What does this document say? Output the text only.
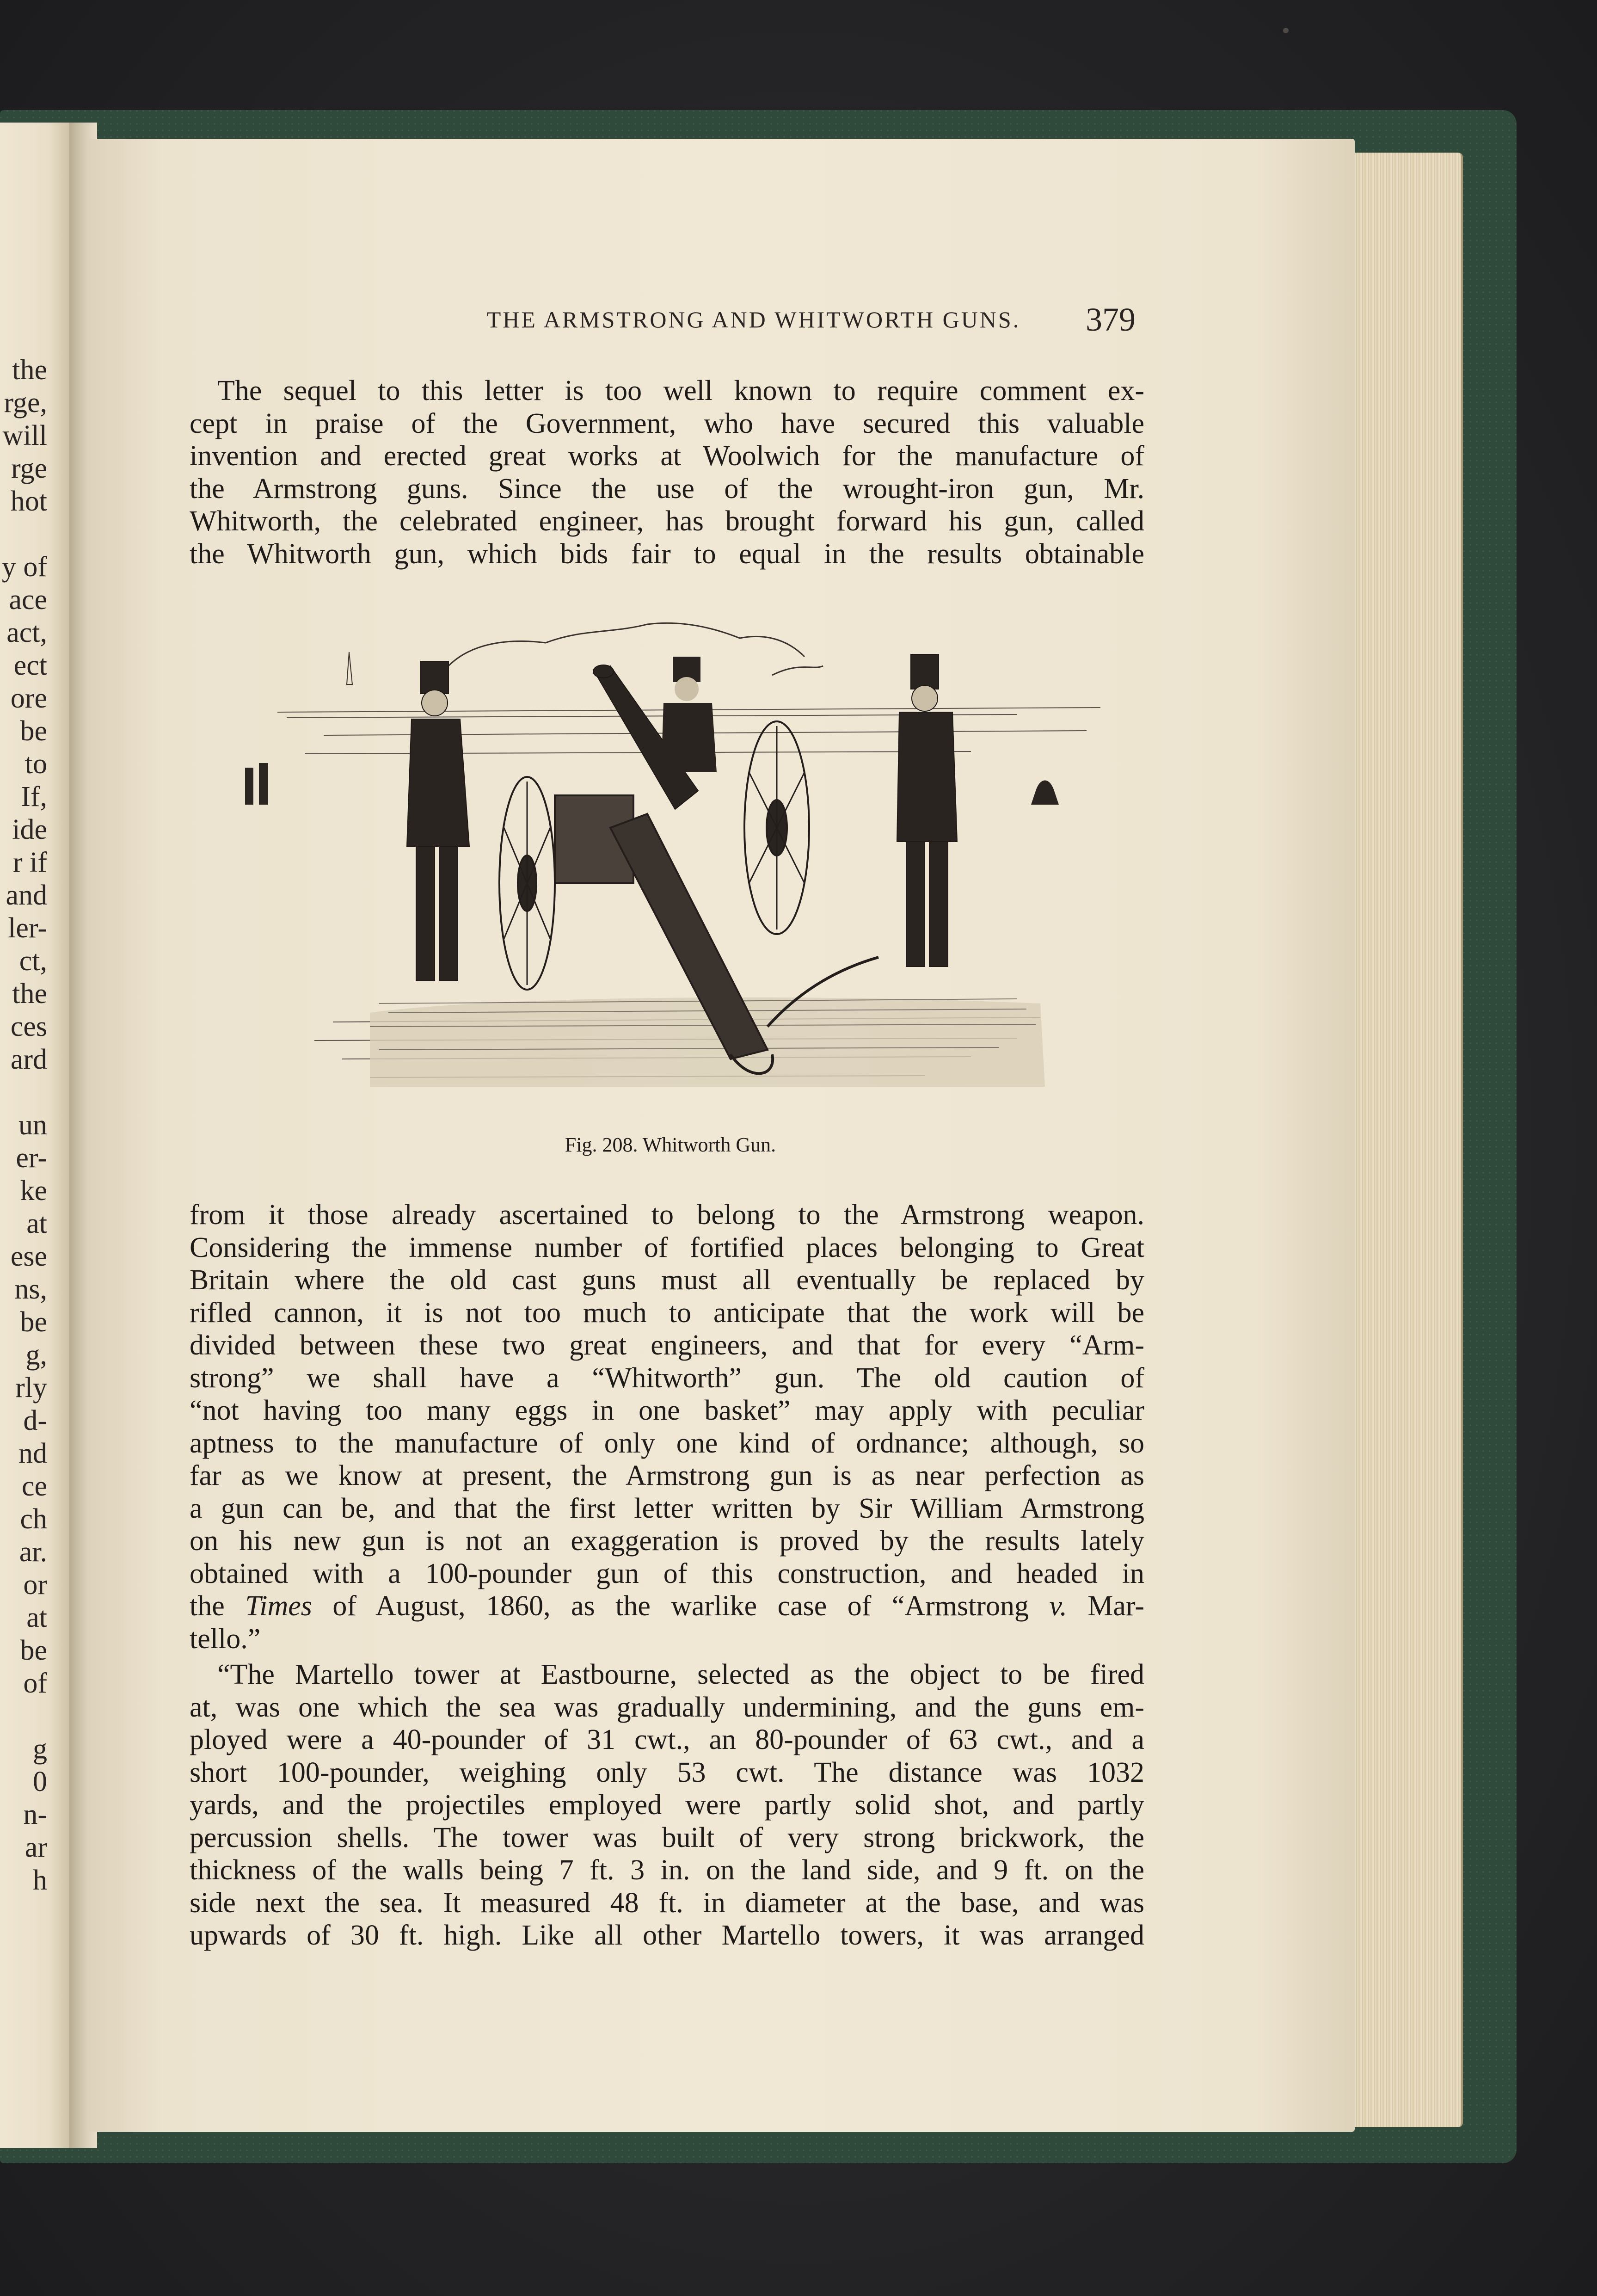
the
rge,
will
rge
hot

y of
ace
act,
ect
ore
be
to
If,
ide
r if
and
ler-
ct,
the
ces
ard

un
er-
ke
at
ese
ns,
be
g,
rly
d-
nd
ce
ch
ar.
or
at
be
of

g
0
n-
ar
h
THE ARMSTRONG AND WHITWORTH GUNS.	379
The sequel to this letter is too well known to require comment ex-
cept in praise of the Government, who have secured this valuable
invention and erected great works at Woolwich for the manufacture of
the Armstrong guns. Since the use of the wrought-iron gun, Mr.
Whitworth, the celebrated engineer, has brought forward his gun, called
the Whitworth gun, which bids fair to equal in the results obtainable
Fig. 208. Whitworth Gun.
from it those already ascertained to belong to the Armstrong weapon.
Considering the immense number of fortified places belonging to Great
Britain where the old cast guns must all eventually be replaced by
rifled cannon, it is not too much to anticipate that the work will be
divided between these two great engineers, and that for every “Arm-
strong” we shall have a “Whitworth” gun. The old caution of
“not having too many eggs in one basket” may apply with peculiar
aptness to the manufacture of only one kind of ordnance; although, so
far as we know at present, the Armstrong gun is as near perfection as
a gun can be, and that the first letter written by Sir William Armstrong
on his new gun is not an exaggeration is proved by the results lately
obtained with a 100-pounder gun of this construction, and headed in
the Times of August, 1860, as the warlike case of “Armstrong v. Mar-
tello.”
“The Martello tower at Eastbourne, selected as the object to be fired
at, was one which the sea was gradually undermining, and the guns em-
ployed were a 40-pounder of 31 cwt., an 80-pounder of 63 cwt., and a
short 100-pounder, weighing only 53 cwt. The distance was 1032
yards, and the projectiles employed were partly solid shot, and partly
percussion shells. The tower was built of very strong brickwork, the
thickness of the walls being 7 ft. 3 in. on the land side, and 9 ft. on the
side next the sea. It measured 48 ft. in diameter at the base, and was
upwards of 30 ft. high. Like all other Martello towers, it was arranged
